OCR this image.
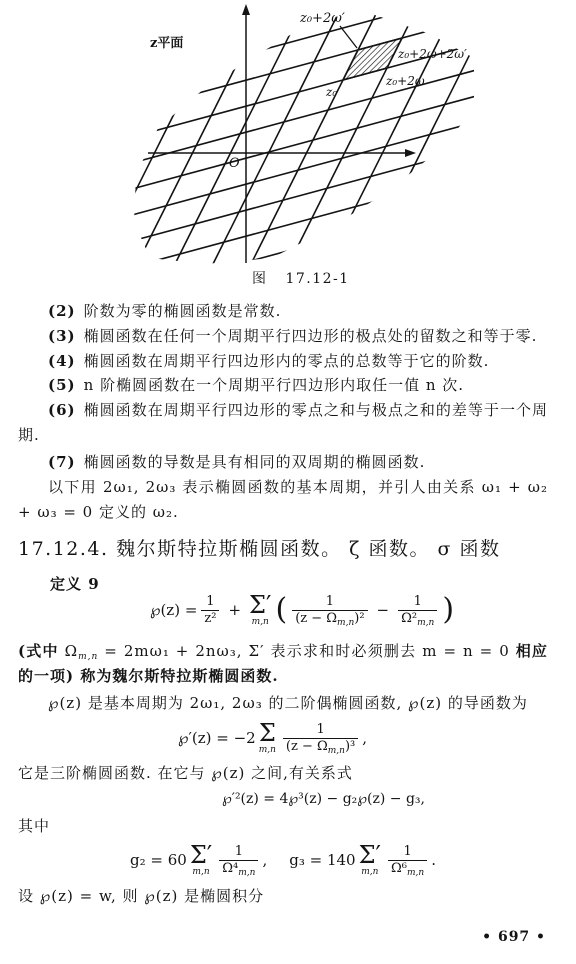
z平面
z₀+2ω′
z₀+2ω+2ω′
z₀+2ω
z₀
O
图 17.12-1
(2) 阶数为零的椭圆函数是常数.
(3) 椭圆函数在任何一个周期平行四边形的极点处的留数之和等于零.
(4) 椭圆函数在周期平行四边形内的零点的总数等于它的阶数.
(5) n 阶椭圆函数在一个周期平行四边形内取任一值 n 次.
(6) 椭圆函数在周期平行四边形的零点之和与极点之和的差等于一个周期.
(7) 椭圆函数的导数是具有相同的双周期的椭圆函数.
以下用 2ω₁, 2ω₃ 表示椭圆函数的基本周期，并引人由关系 ω₁ + ω₂ + ω₃ = 0 定义的 ω₂.
17.12.4. 魏尔斯特拉斯椭圆函数。 ζ 函数。 σ 函数
定义 9
℘(z) = $\frac{1}{\text{z²}} + \Sigma'$
m,n ( $\frac{1}{(z - \Omega_{m,n})^2} - \frac{1}{\Omega^2_{m,n}}$ )
(式中 $\Omega_{m,n} = 2m\omega_1 + 2n\omega_3$, Σ′ 表示求和时必须删去 m = n = 0 相应的一项) 称为魏尔斯特拉斯椭圆函数.
℘(z) 是基本周期为 2ω₁, 2ω₃ 的二阶偶椭圆函数, ℘(z) 的导函数为
℘′(z) = −2 Σ
$m,n \frac{1}{(z - \Omega_{m,n})^3}$ ,
它是三阶椭圆函数. 在它与 ℘(z) 之间,有关系式
℘′²(z) = 4℘³(z) − g₂℘(z) − g₃,
其中
g₂ = 60 Σ′
$m,n \frac{1}{\Omega^4_{m,n}}$ , g₃ = 140 Σ′
$m,n \frac{1}{\Omega^6_{m,n}}$ .
设 ℘(z) = w, 则 ℘(z) 是椭圆积分
• 697 •
